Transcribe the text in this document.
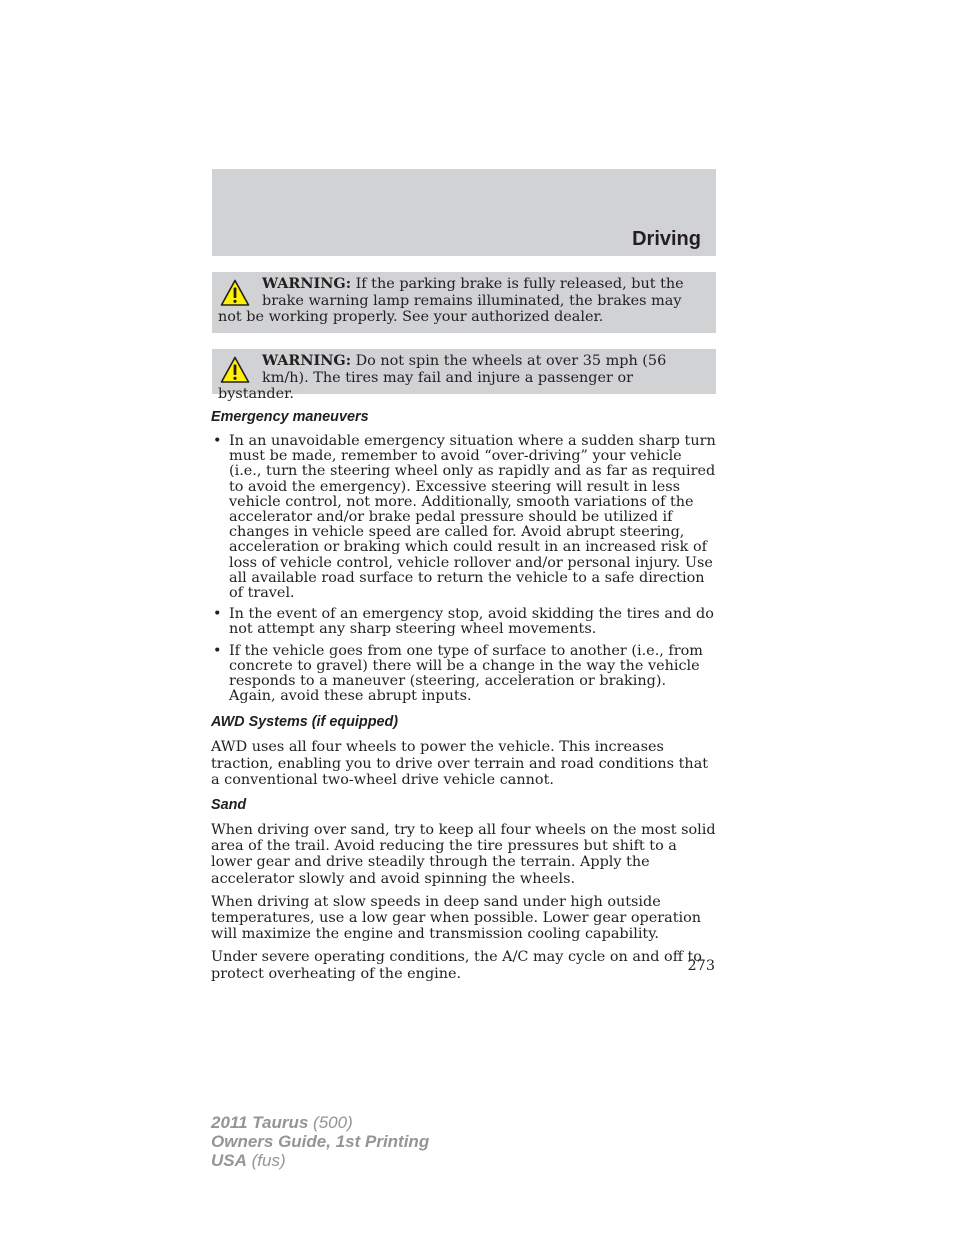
Driving
WARNING: If the parking brake is fully released, but the brake warning lamp remains illuminated, the brakes may not be working properly. See your authorized dealer.
WARNING: Do not spin the wheels at over 35 mph (56 km/h). The tires may fail and injure a passenger or bystander.
Emergency maneuvers
• In an unavoidable emergency situation where a sudden sharp turn must be made, remember to avoid “over-driving” your vehicle (i.e., turn the steering wheel only as rapidly and as far as required to avoid the emergency). Excessive steering will result in less vehicle control, not more. Additionally, smooth variations of the accelerator and/or brake pedal pressure should be utilized if changes in vehicle speed are called for. Avoid abrupt steering, acceleration or braking which could result in an increased risk of loss of vehicle control, vehicle rollover and/or personal injury. Use all available road surface to return the vehicle to a safe direction of travel.
• In the event of an emergency stop, avoid skidding the tires and do not attempt any sharp steering wheel movements.
• If the vehicle goes from one type of surface to another (i.e., from concrete to gravel) there will be a change in the way the vehicle responds to a maneuver (steering, acceleration or braking). Again, avoid these abrupt inputs.
AWD Systems (if equipped)

AWD uses all four wheels to power the vehicle. This increases traction, enabling you to drive over terrain and road conditions that a conventional two-wheel drive vehicle cannot.

Sand

When driving over sand, try to keep all four wheels on the most solid area of the trail. Avoid reducing the tire pressures but shift to a lower gear and drive steadily through the terrain. Apply the accelerator slowly and avoid spinning the wheels.

When driving at slow speeds in deep sand under high outside temperatures, use a low gear when possible. Lower gear operation will maximize the engine and transmission cooling capability.

Under severe operating conditions, the A/C may cycle on and off to protect overheating of the engine.	273
2011 Taurus (500)
Owners Guide, 1st Printing
USA (fus)
